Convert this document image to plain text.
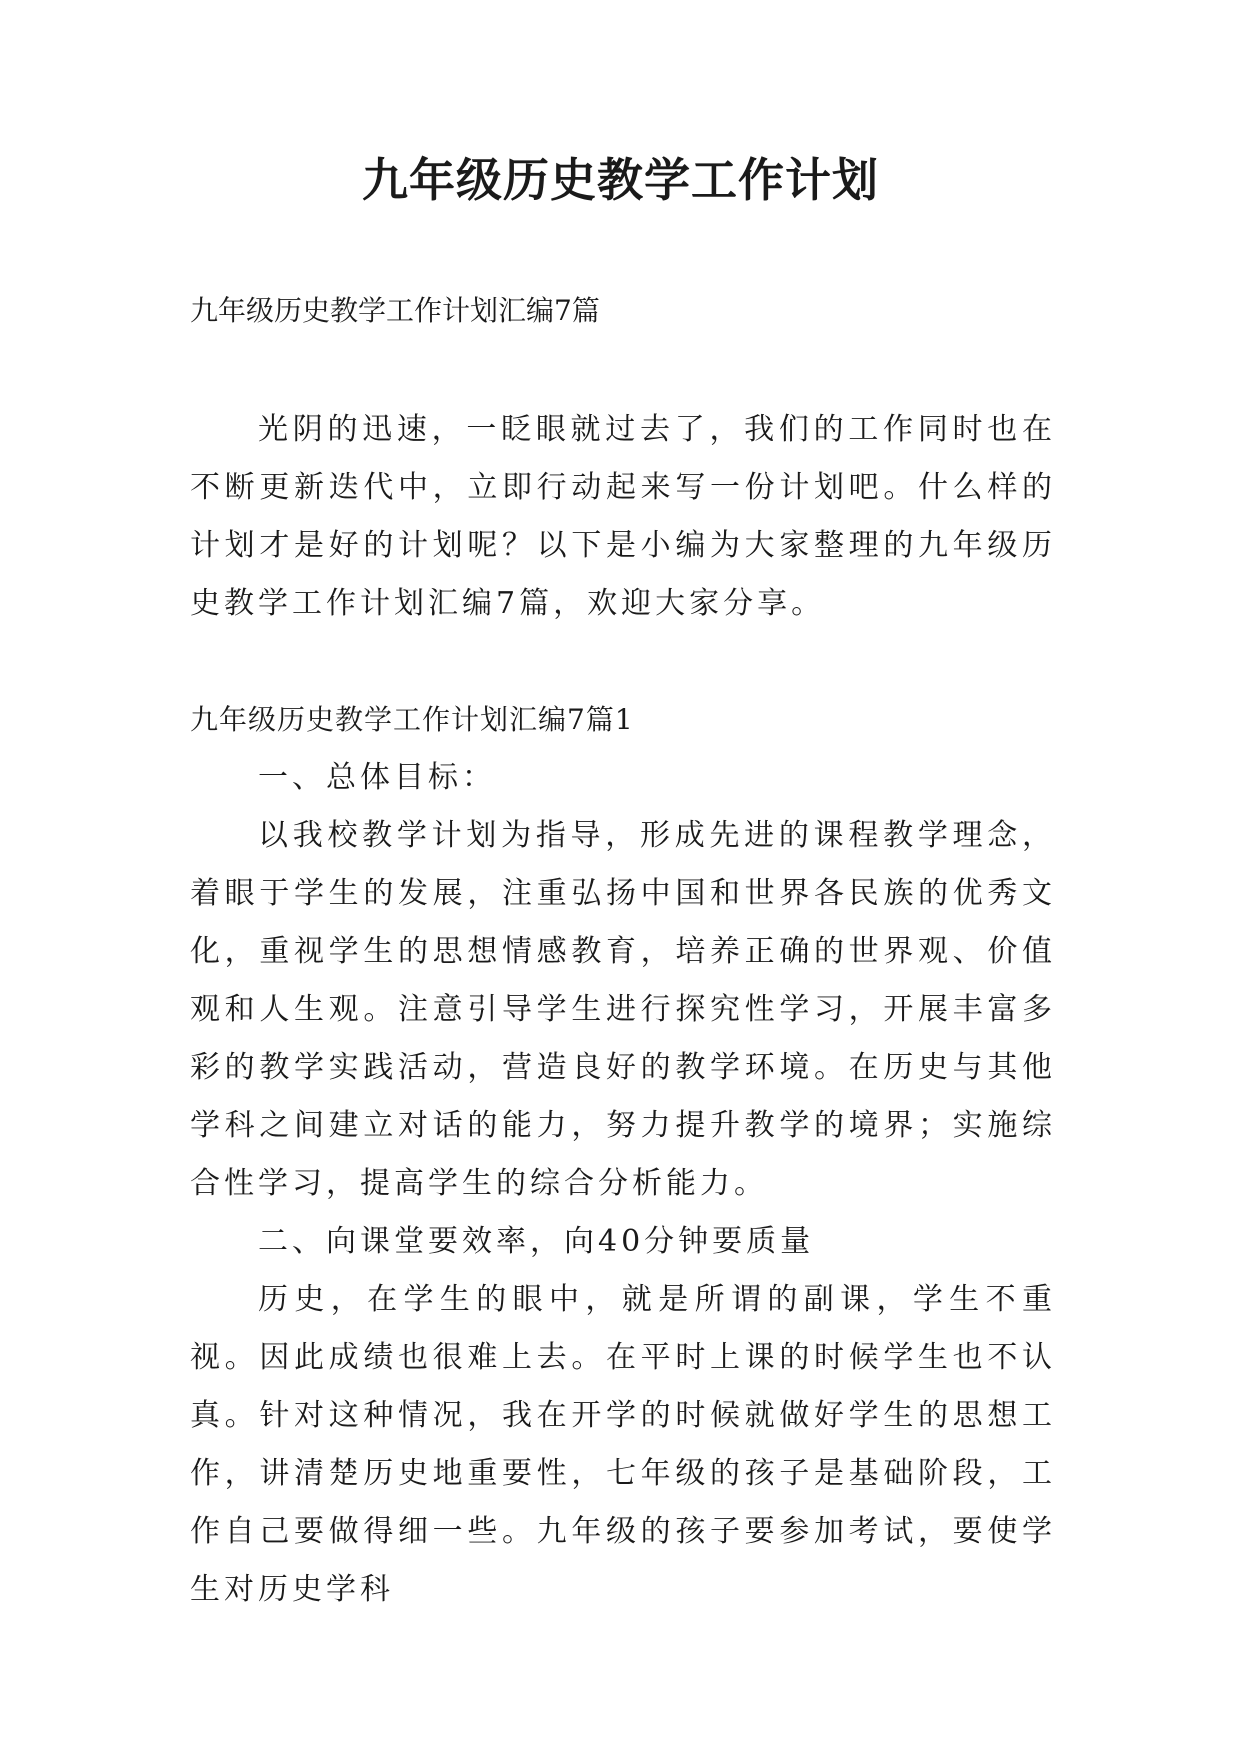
九年级历史教学工作计划

九年级历史教学工作计划汇编7篇

光阴的迅速，一眨眼就过去了，我们的工作同时也在不断更新迭代中，立即行动起来写一份计划吧。什么样的计划才是好的计划呢？以下是小编为大家整理的九年级历史教学工作计划汇编7篇，欢迎大家分享。

九年级历史教学工作计划汇编7篇1

一、总体目标：

以我校教学计划为指导，形成先进的课程教学理念，着眼于学生的发展，注重弘扬中国和世界各民族的优秀文化，重视学生的思想情感教育，培养正确的世界观、价值观和人生观。注意引导学生进行探究性学习，开展丰富多彩的教学实践活动，营造良好的教学环境。在历史与其他学科之间建立对话的能力，努力提升教学的境界；实施综合性学习，提高学生的综合分析能力。

二、向课堂要效率，向40分钟要质量

历史，在学生的眼中，就是所谓的副课，学生不重视。因此成绩也很难上去。在平时上课的时候学生也不认真。针对这种情况，我在开学的时候就做好学生的思想工作，讲清楚历史地重要性，七年级的孩子是基础阶段，工作自己要做得细一些。九年级的孩子要参加考试，要使学生对历史学科
